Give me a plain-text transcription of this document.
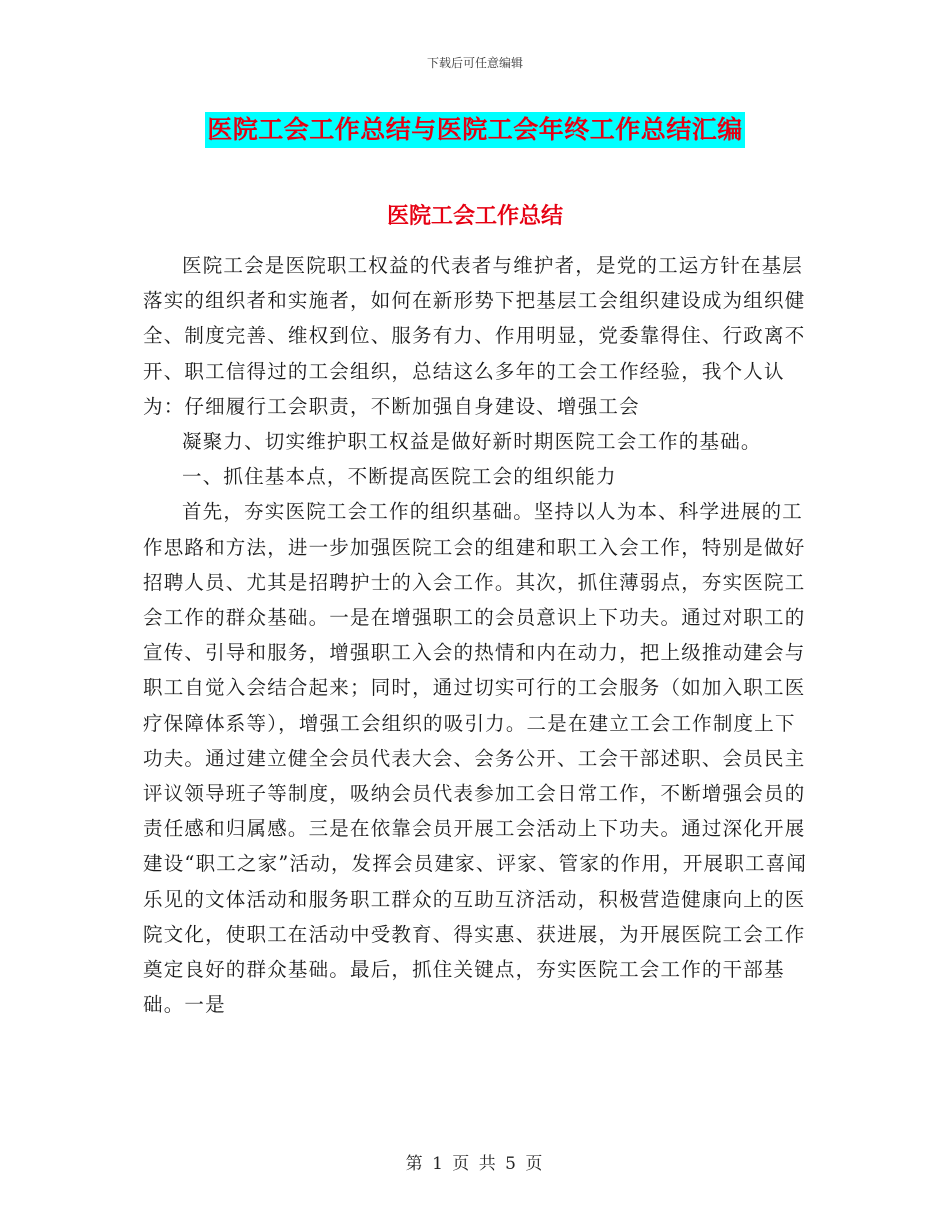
下载后可任意编辑
医院工会工作总结与医院工会年终工作总结汇编
医院工会工作总结

医院工会是医院职工权益的代表者与维护者，是党的工运方针在基层落实的组织者和实施者，如何在新形势下把基层工会组织建设成为组织健全、制度完善、维权到位、服务有力、作用明显，党委靠得住、行政离不开、职工信得过的工会组织，总结这么多年的工会工作经验，我个人认为：仔细履行工会职责，不断加强自身建设、增强工会

凝聚力、切实维护职工权益是做好新时期医院工会工作的基础。

一、抓住基本点，不断提高医院工会的组织能力

首先，夯实医院工会工作的组织基础。坚持以人为本、科学进展的工作思路和方法，进一步加强医院工会的组建和职工入会工作，特别是做好招聘人员、尤其是招聘护士的入会工作。其次，抓住薄弱点，夯实医院工会工作的群众基础。一是在增强职工的会员意识上下功夫。通过对职工的宣传、引导和服务，增强职工入会的热情和内在动力，把上级推动建会与职工自觉入会结合起来；同时，通过切实可行的工会服务（如加入职工医疗保障体系等），增强工会组织的吸引力。二是在建立工会工作制度上下功夫。通过建立健全会员代表大会、会务公开、工会干部述职、会员民主评议领导班子等制度，吸纳会员代表参加工会日常工作，不断增强会员的责任感和归属感。三是在依靠会员开展工会活动上下功夫。通过深化开展建设“职工之家”活动，发挥会员建家、评家、管家的作用，开展职工喜闻乐见的文体活动和服务职工群众的互助互济活动，积极营造健康向上的医院文化，使职工在活动中受教育、得实惠、获进展，为开展医院工会工作奠定良好的群众基础。最后，抓住关键点，夯实医院工会工作的干部基础。一是

第 1 页 共 5 页
